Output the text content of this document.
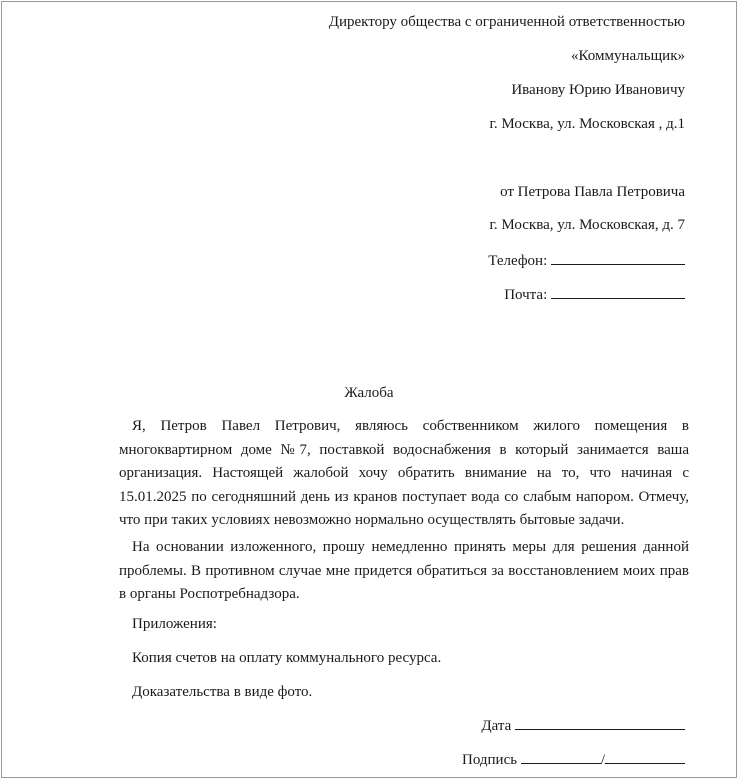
Директору общества с ограниченной ответственностью
«Коммунальщик»
Иванову Юрию Ивановичу
г. Москва, ул. Московская , д.1
от Петрова Павла Петровича
г. Москва, ул. Московская, д. 7
Телефон:
Почта:
Жалоба
Я, Петров Павел Петрович, являюсь собственником жилого помещения в многоквартирном доме №7, поставкой водоснабжения в который занимается ваша организация. Настоящей жалобой хочу обратить внимание на то, что начиная с 15.01.2025 по сегодняшний день из кранов поступает вода со слабым напором. Отмечу, что при таких условиях невозможно нормально осуществлять бытовые задачи.
На основании изложенного, прошу немедленно принять меры для решения данной проблемы. В противном случае мне придется обратиться за восстановлением моих прав в органы Роспотребнадзора.
Приложения:
Копия счетов на оплату коммунального ресурса.
Доказательства в виде фото.
Дата
Подпись	/
